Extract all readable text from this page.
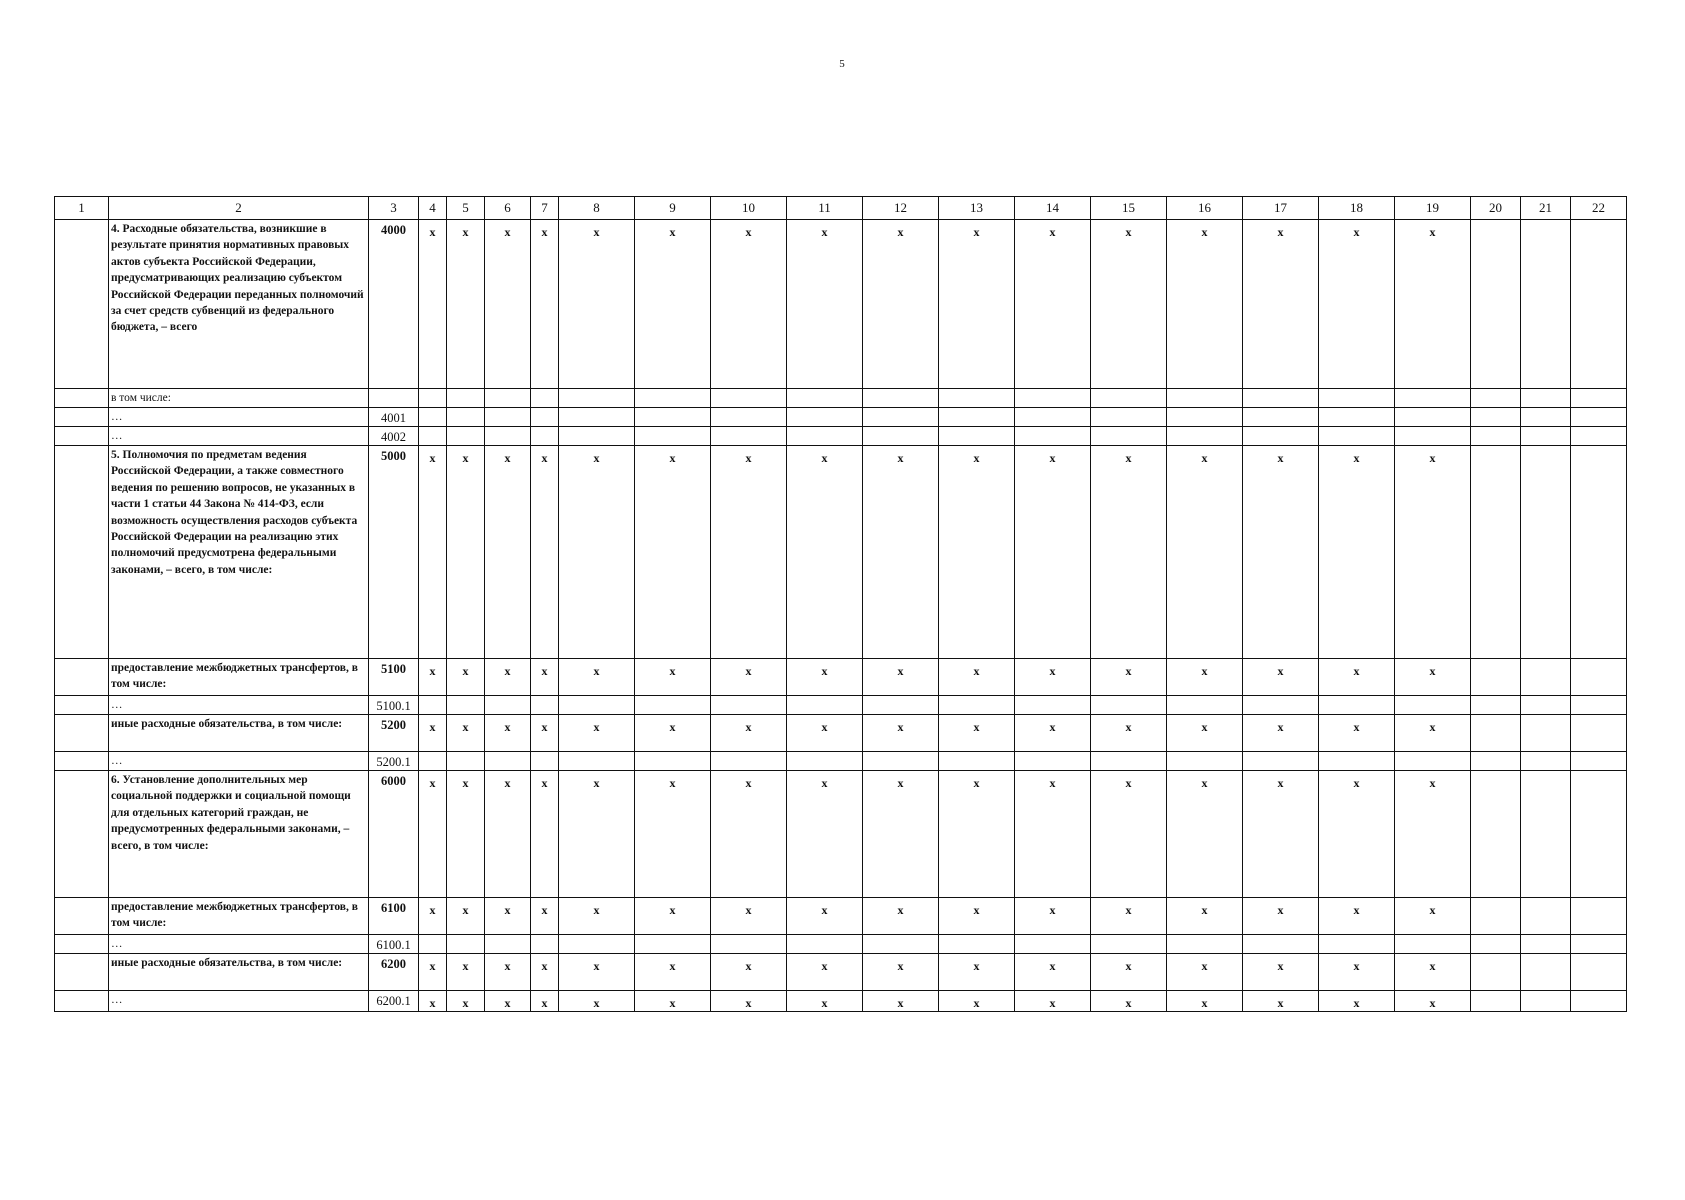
5
1	2	3	4	5	6	7	8	9	10	11	12	13	14	15	16	17	18	19	20	21	22
	4. Расходные обязательства, возникшие в результате принятия нормативных правовых актов субъекта Российской Федерации, предусматривающих реализацию субъектом Российской Федерации переданных полномочий за счет средств субвенций из федерального бюджета, – всего	4000	x	x	x	x	x	x	x	x	x	x	x	x	x	x	x	x			
	в том числе:																				
	…	4001																			
	…	4002																			
	5. Полномочия по предметам ведения Российской Федерации, а также совместного ведения по решению вопросов, не указанных в части 1 статьи 44 Закона № 414-ФЗ, если возможность осуществления расходов субъекта Российской Федерации на реализацию этих полномочий предусмотрена федеральными законами, – всего, в том числе:	5000	x	x	x	x	x	x	x	x	x	x	x	x	x	x	x	x			
	предоставление межбюджетных трансфертов, в том числе:	5100	x	x	x	x	x	x	x	x	x	x	x	x	x	x	x	x			
	…	5100.1																			
	иные расходные обязательства, в том числе:	5200	x	x	x	x	x	x	x	x	x	x	x	x	x	x	x	x			
	…	5200.1																			
	6. Установление дополнительных мер социальной поддержки и социальной помощи для отдельных категорий граждан, не предусмотренных федеральными законами, – всего, в том числе:	6000	x	x	x	x	x	x	x	x	x	x	x	x	x	x	x	x			
	предоставление межбюджетных трансфертов, в том числе:	6100	x	x	x	x	x	x	x	x	x	x	x	x	x	x	x	x			
	…	6100.1																			
	иные расходные обязательства, в том числе:	6200	x	x	x	x	x	x	x	x	x	x	x	x	x	x	x	x			
	…	6200.1	x	x	x	x	x	x	x	x	x	x	x	x	x	x	x	x			
